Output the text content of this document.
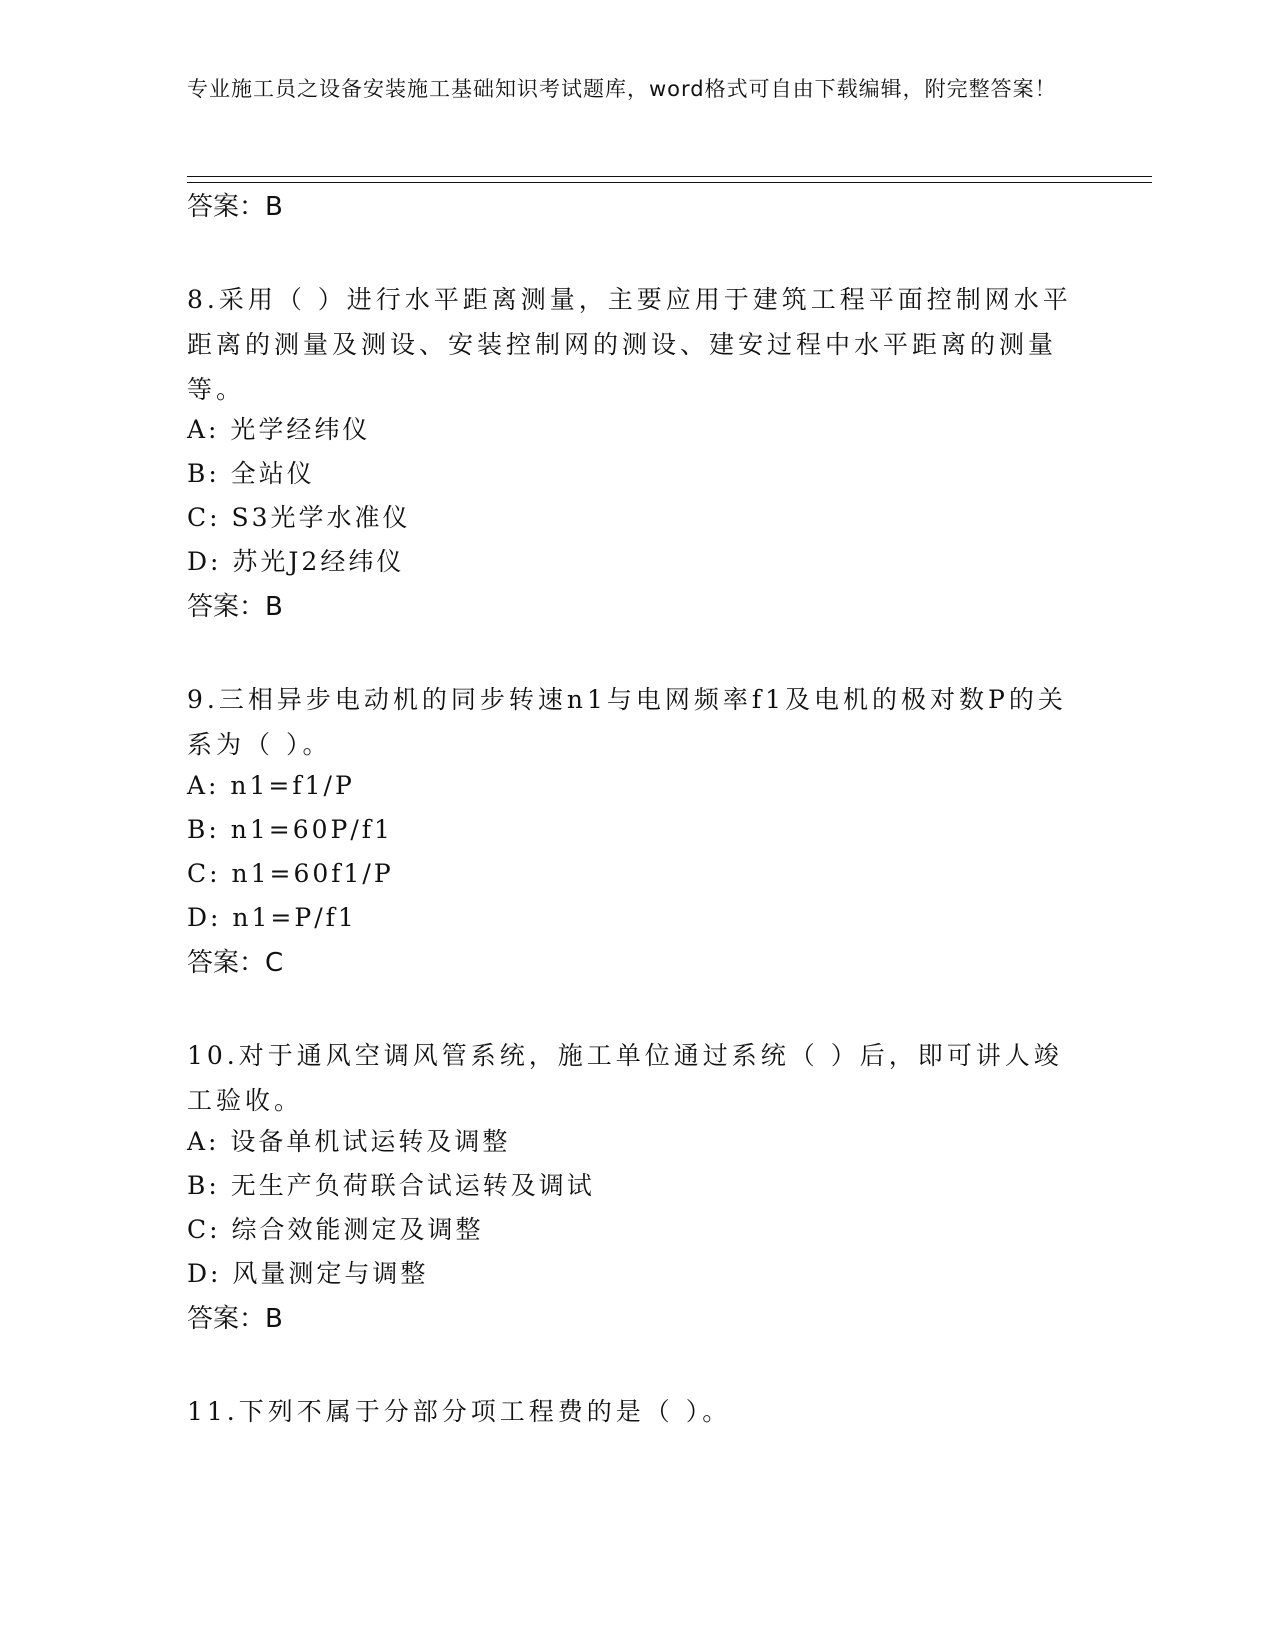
专业施工员之设备安装施工基础知识考试题库，word格式可自由下载编辑，附完整答案！
答案：B
8.采用（ ）进行水平距离测量，主要应用于建筑工程平面控制网水平距离的测量及测设、安装控制网的测设、建安过程中水平距离的测量等。
A: 光学经纬仪
B: 全站仪
C: S3光学水准仪
D: 苏光J2经纬仪
答案：B
9.三相异步电动机的同步转速n1与电网频率f1及电机的极对数P的关系为（ ）。
A: n1=f1/P
B: n1=60P/f1
C: n1=60f1/P
D: n1=P/f1
答案：C
10.对于通风空调风管系统，施工单位通过系统（ ）后，即可讲人竣工验收。
A: 设备单机试运转及调整
B: 无生产负荷联合试运转及调试
C: 综合效能测定及调整
D: 风量测定与调整
答案：B
11.下列不属于分部分项工程费的是（ ）。
